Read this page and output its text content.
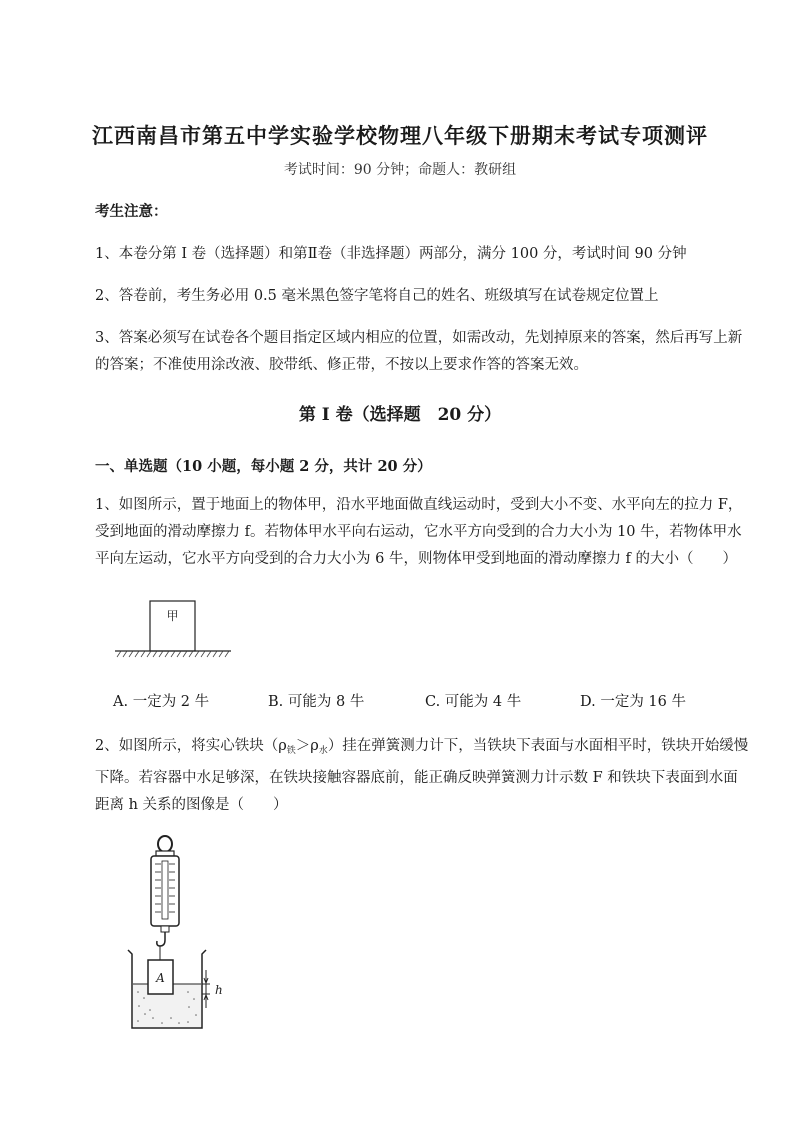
江西南昌市第五中学实验学校物理八年级下册期末考试专项测评
考试时间：90 分钟；命题人：教研组
考生注意：
1、本卷分第 I 卷（选择题）和第Ⅱ卷（非选择题）两部分，满分 100 分，考试时间 90 分钟
2、答卷前，考生务必用 0.5 毫米黑色签字笔将自己的姓名、班级填写在试卷规定位置上
3、答案必须写在试卷各个题目指定区域内相应的位置，如需改动，先划掉原来的答案，然后再写上新的答案；不准使用涂改液、胶带纸、修正带，不按以上要求作答的答案无效。
第 I 卷（选择题　20 分）
一、单选题（10 小题，每小题 2 分，共计 20 分）
1、如图所示，置于地面上的物体甲，沿水平地面做直线运动时，受到大小不变、水平向左的拉力 F，受到地面的滑动摩擦力 f。若物体甲水平向右运动，它水平方向受到的合力大小为 10 牛，若物体甲水平向左运动，它水平方向受到的合力大小为 6 牛，则物体甲受到地面的滑动摩擦力 f 的大小（　　）
甲
A. 一定为 2 牛	B. 可能为 8 牛	C. 可能为 4 牛	D. 一定为 16 牛
2、如图所示，将实心铁块$(\rho_铁>\rho_水)$挂在弹簧测力计下，当铁块下表面与水面相平时，铁块开始缓慢下降。若容器中水足够深，在铁块接触容器底前，能正确反映弹簧测力计示数 F 和铁块下表面到水面距离 h 关系的图像是（　　）
A
h
